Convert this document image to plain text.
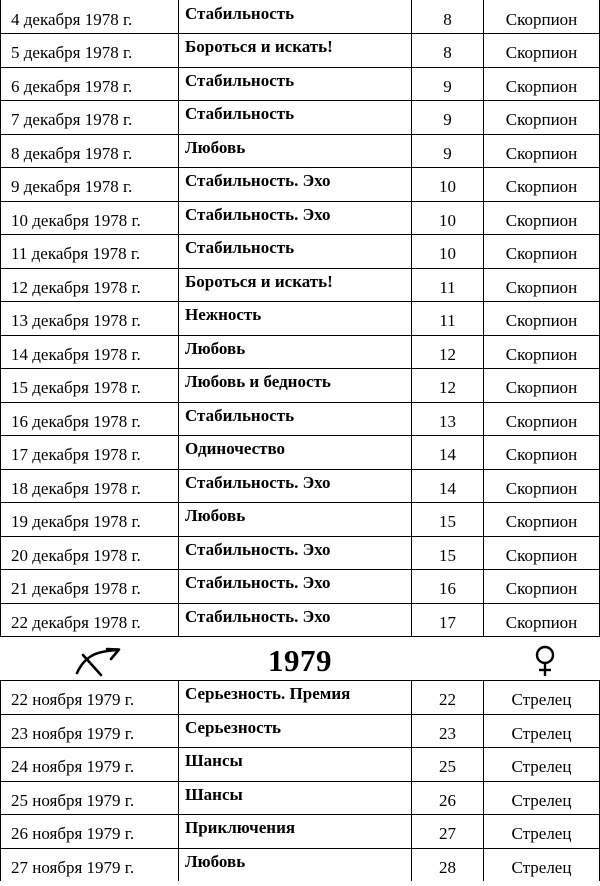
4 декабря 1978 г.	Стабильность	8	Скорпион
5 декабря 1978 г.	Бороться и искать!	8	Скорпион
6 декабря 1978 г.	Стабильность	9	Скорпион
7 декабря 1978 г.	Стабильность	9	Скорпион
8 декабря 1978 г.	Любовь	9	Скорпион
9 декабря 1978 г.	Стабильность. Эхо	10	Скорпион
10 декабря 1978 г.	Стабильность. Эхо	10	Скорпион
11 декабря 1978 г.	Стабильность	10	Скорпион
12 декабря 1978 г.	Бороться и искать!	11	Скорпион
13 декабря 1978 г.	Нежность	11	Скорпион
14 декабря 1978 г.	Любовь	12	Скорпион
15 декабря 1978 г.	Любовь и бедность	12	Скорпион
16 декабря 1978 г.	Стабильность	13	Скорпион
17 декабря 1978 г.	Одиночество	14	Скорпион
18 декабря 1978 г.	Стабильность. Эхо	14	Скорпион
19 декабря 1978 г.	Любовь	15	Скорпион
20 декабря 1978 г.	Стабильность. Эхо	15	Скорпион
21 декабря 1978 г.	Стабильность. Эхо	16	Скорпион
22 декабря 1978 г.	Стабильность. Эхо	17	Скорпион
1979
22 ноября 1979 г.	Серьезность. Премия	22	Стрелец
23 ноября 1979 г.	Серьезность	23	Стрелец
24 ноября 1979 г.	Шансы	25	Стрелец
25 ноября 1979 г.	Шансы	26	Стрелец
26 ноября 1979 г.	Приключения	27	Стрелец
27 ноября 1979 г.	Любовь	28	Стрелец
